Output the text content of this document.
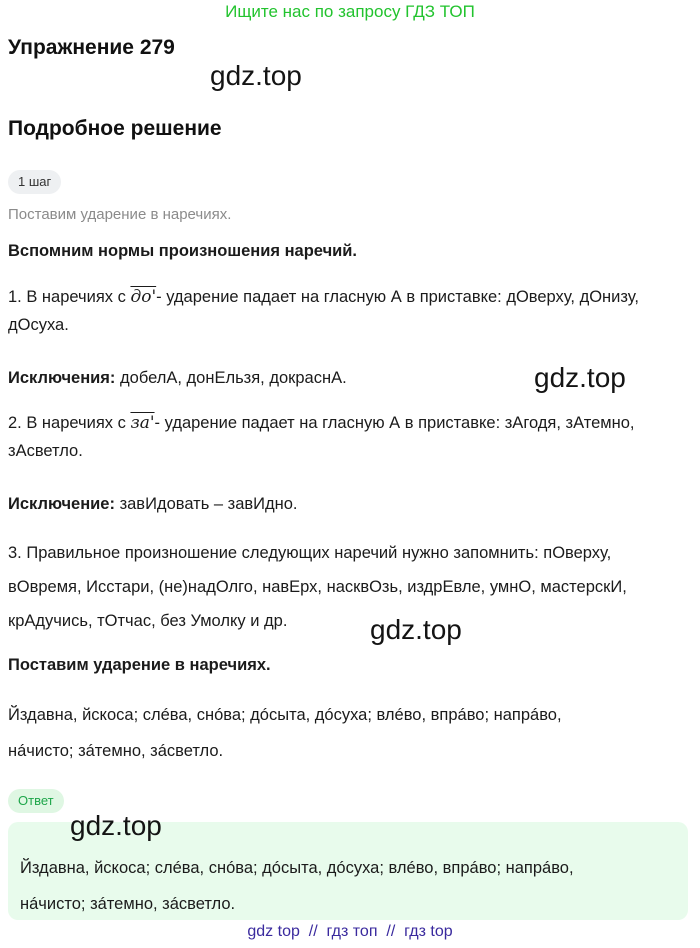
Ищите нас по запросу ГДЗ ТОП
Упражнение 279
gdz.top
Подробное решение
1 шаг
Поставим ударение в наречиях.
Вспомним нормы произношения наречий.
1. В наречиях с до'- ударение падает на гласную А в приставке: дОверху, дОнизу,
дОсуха.
Исключения: добелА, донЕльзя, докраснА.	gdz.top
2. В наречиях с за'- ударение падает на гласную А в приставке: зАгодя, зАтемно,
зАсветло.
Исключение: завИдовать – завИдно.
3. Правильное произношение следующих наречий нужно запомнить: пОверху,
вОвремя, Исстари, (не)надОлго, навЕрх, насквОзь, издрЕвле, умнО, мастерскИ,
крАдучись, тОтчас, без Умолку и др.	gdz.top
Поставим ударение в наречиях.
Йздавна, йскоса; слéва, снóва; дóсыта, дóсуха; влéво, впрáво; напрáво,
нáчисто; зáтемно, зáсветло.
Ответ
gdz.top
Йздавна, йскоса; слéва, снóва; дóсыта, дóсуха; влéво, впрáво; напрáво,
нáчисто; зáтемно, зáсветло.
gdz top  //  гдз топ  //  гдз top
